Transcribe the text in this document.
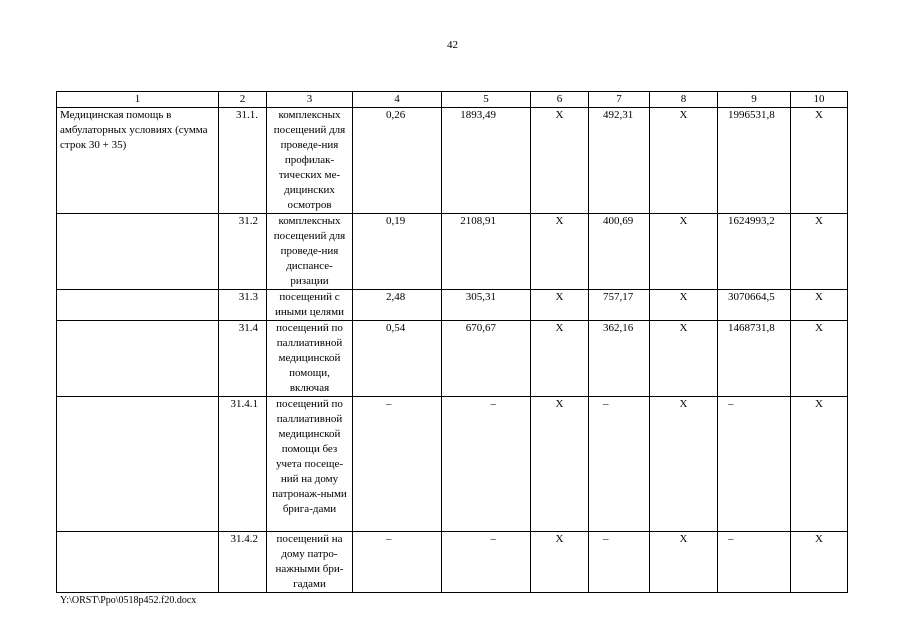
42
1	2	3	4	5	6	7	8	9	10
Медицинская помощь в амбулаторных условиях (сумма строк 30 + 35)	31.1.	комплексных посещений для проведе-ния профилак-тических ме-дицинских осмотров	0,26	1893,49	Х	492,31	Х	1996531,8	Х
	31.2	комплексных посещений для проведе-ния диспансе-ризации	0,19	2108,91	Х	400,69	Х	1624993,2	Х
	31.3	посещений с иными целями	2,48	305,31	Х	757,17	Х	3070664,5	Х
	31.4	посещений по паллиативной медицинской помощи, включая	0,54	670,67	Х	362,16	Х	1468731,8	Х
	31.4.1	посещений по паллиативной медицинской помощи без учета посеще-ний на дому патронаж-ными брига-дами	–	–	Х	–	Х	–	Х
	31.4.2	посещений на дому патро-нажными бри-гадами	–	–	Х	–	Х	–	Х
Y:\ORST\Ppo\0518p452.f20.docx
